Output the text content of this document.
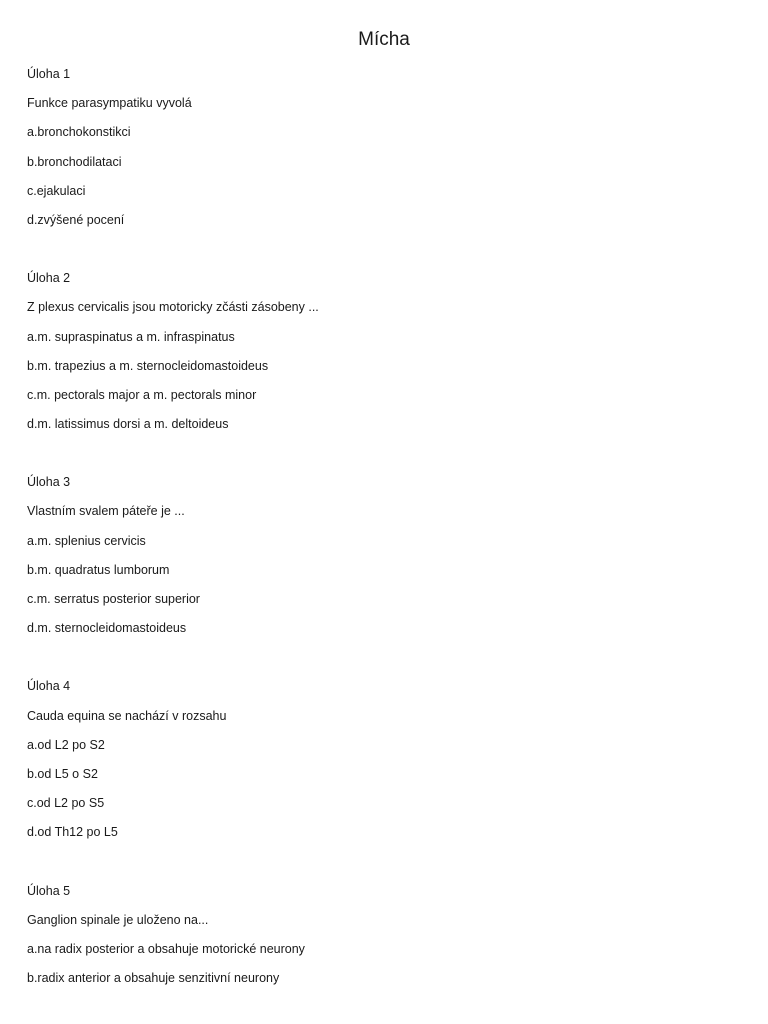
Mícha
Úloha 1
Funkce parasympatiku vyvolá
a.bronchokonstikci
b.bronchodilataci
c.ejakulaci
d.zvýšené pocení
Úloha 2
Z plexus cervicalis jsou motoricky zčásti zásobeny ...
a.m. supraspinatus a m. infraspinatus
b.m. trapezius a m. sternocleidomastoideus
c.m. pectorals major a m. pectorals minor
d.m. latissimus dorsi a m. deltoideus
Úloha 3
Vlastním svalem páteře je ...
a.m. splenius cervicis
b.m. quadratus lumborum
c.m. serratus posterior superior
d.m. sternocleidomastoideus
Úloha 4
Cauda equina se nachází v rozsahu
a.od L2 po S2
b.od L5 o S2
c.od L2 po S5
d.od Th12 po L5
Úloha 5
Ganglion spinale je uloženo na...
a.na radix posterior a obsahuje motorické neurony
b.radix anterior a obsahuje senzitivní neurony
